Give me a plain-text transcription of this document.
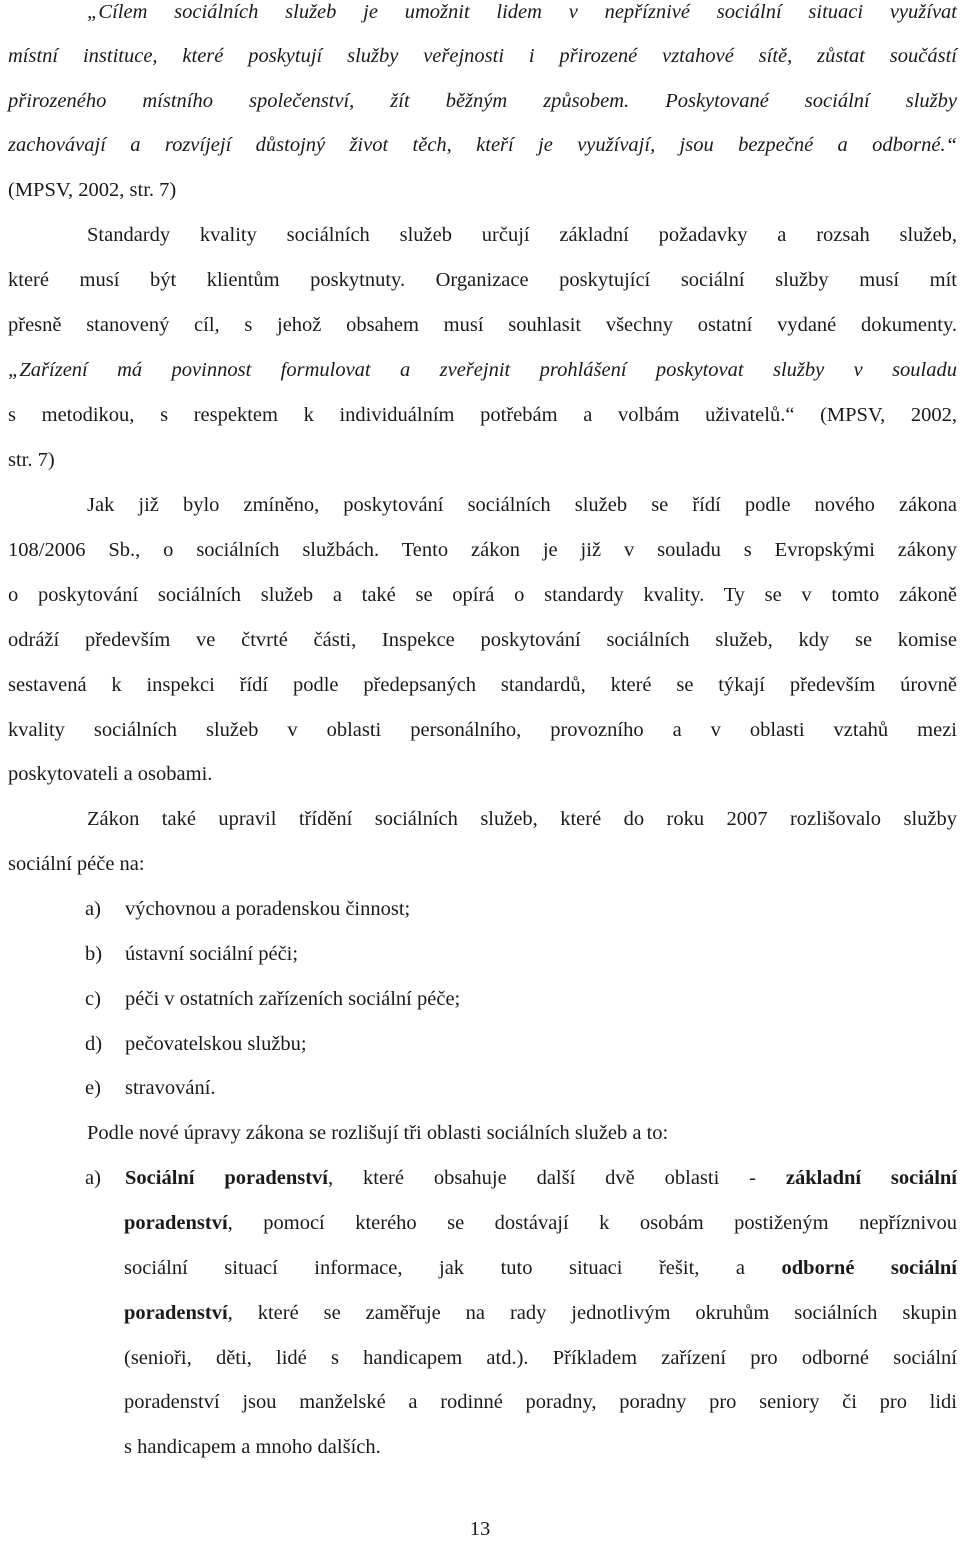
„Cílem sociálních služeb je umožnit lidem v nepříznivé sociální situaci využívat
místní instituce, které poskytují služby veřejnosti i přirozené vztahové sítě, zůstat součástí
přirozeného místního společenství, žít běžným způsobem. Poskytované sociální služby
zachovávají a rozvíjejí důstojný život těch, kteří je využívají, jsou bezpečné a odborné.“
(MPSV, 2002, str. 7)
Standardy kvality sociálních služeb určují základní požadavky a rozsah služeb,
které musí být klientům poskytnuty. Organizace poskytující sociální služby musí mít
přesně stanovený cíl, s jehož obsahem musí souhlasit všechny ostatní vydané dokumenty.
„Zařízení má povinnost formulovat a zveřejnit prohlášení poskytovat služby v souladu
s metodikou, s respektem k individuálním potřebám a volbám uživatelů.“ (MPSV, 2002,
str. 7)
Jak již bylo zmíněno, poskytování sociálních služeb se řídí podle nového zákona
108/2006 Sb., o sociálních službách. Tento zákon je již v souladu s Evropskými zákony
o poskytování sociálních služeb a také se opírá o standardy kvality. Ty se v tomto zákoně
odráží především ve čtvrté části, Inspekce poskytování sociálních služeb, kdy se komise
sestavená k inspekci řídí podle předepsaných standardů, které se týkají především úrovně
kvality sociálních služeb v oblasti personálního, provozního a v oblasti vztahů mezi
poskytovateli a osobami.
Zákon také upravil třídění sociálních služeb, které do roku 2007 rozlišovalo služby
sociální péče na:
a) výchovnou a poradenskou činnost;
b) ústavní sociální péči;
c) péči v ostatních zařízeních sociální péče;
d) pečovatelskou službu;
e) stravování.
Podle nové úpravy zákona se rozlišují tři oblasti sociálních služeb a to:
a) Sociální poradenství, které obsahuje další dvě oblasti - základní sociální
poradenství, pomocí kterého se dostávají k osobám postiženým nepříznivou
sociální situací informace, jak tuto situaci řešit, a odborné sociální
poradenství, které se zaměřuje na rady jednotlivým okruhům sociálních skupin
(senioři, děti, lidé s handicapem atd.). Příkladem zařízení pro odborné sociální
poradenství jsou manželské a rodinné poradny, poradny pro seniory či pro lidi
s handicapem a mnoho dalších.
13
